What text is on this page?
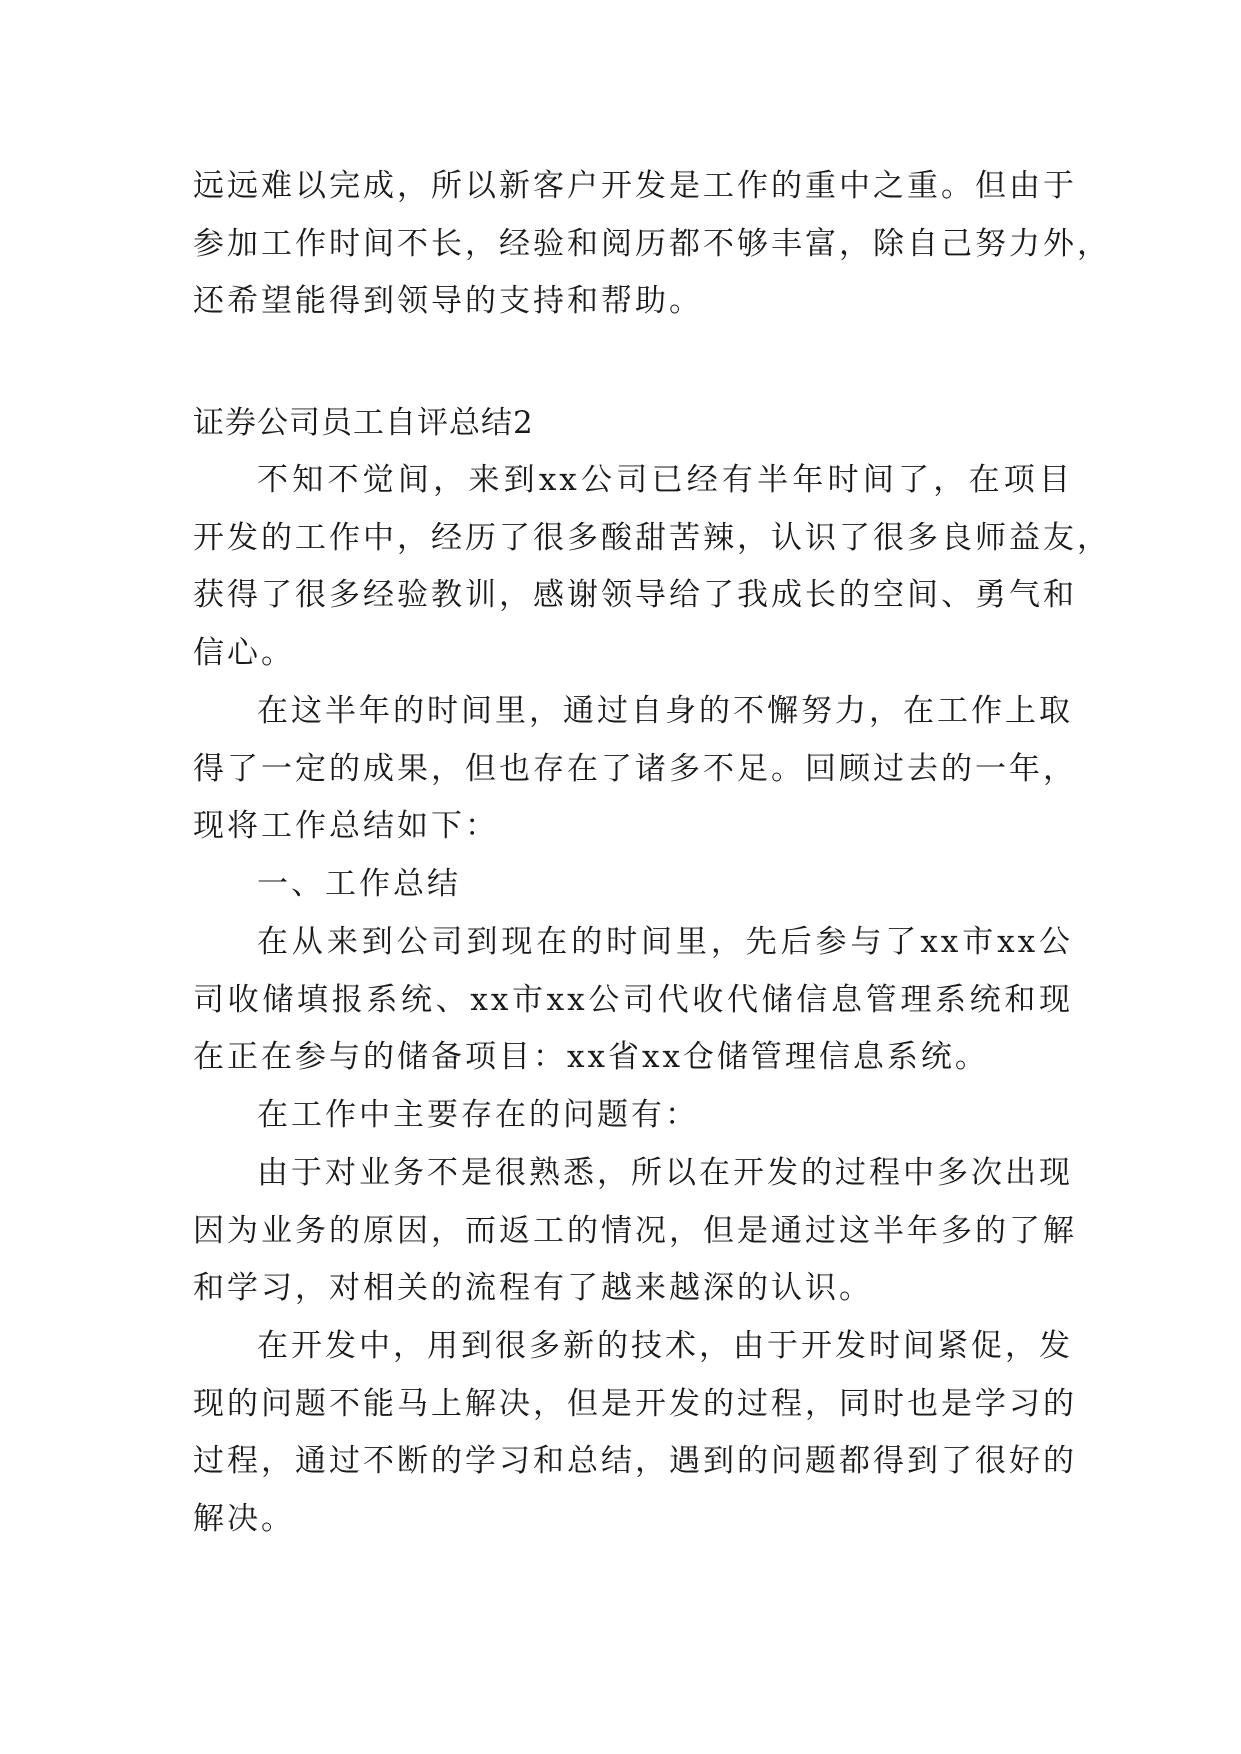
远远难以完成，所以新客户开发是工作的重中之重。但由于
参加工作时间不长，经验和阅历都不够丰富，除自己努力外，
还希望能得到领导的支持和帮助。
证券公司员工自评总结2
不知不觉间，来到xx公司已经有半年时间了，在项目
开发的工作中，经历了很多酸甜苦辣，认识了很多良师益友，
获得了很多经验教训，感谢领导给了我成长的空间、勇气和
信心。
在这半年的时间里，通过自身的不懈努力，在工作上取
得了一定的成果，但也存在了诸多不足。回顾过去的一年，
现将工作总结如下：
一、工作总结
在从来到公司到现在的时间里，先后参与了xx市xx公
司收储填报系统、xx市xx公司代收代储信息管理系统和现
在正在参与的储备项目：xx省xx仓储管理信息系统。
在工作中主要存在的问题有：
由于对业务不是很熟悉，所以在开发的过程中多次出现
因为业务的原因，而返工的情况，但是通过这半年多的了解
和学习，对相关的流程有了越来越深的认识。
在开发中，用到很多新的技术，由于开发时间紧促，发
现的问题不能马上解决，但是开发的过程，同时也是学习的
过程，通过不断的学习和总结，遇到的问题都得到了很好的
解决。
